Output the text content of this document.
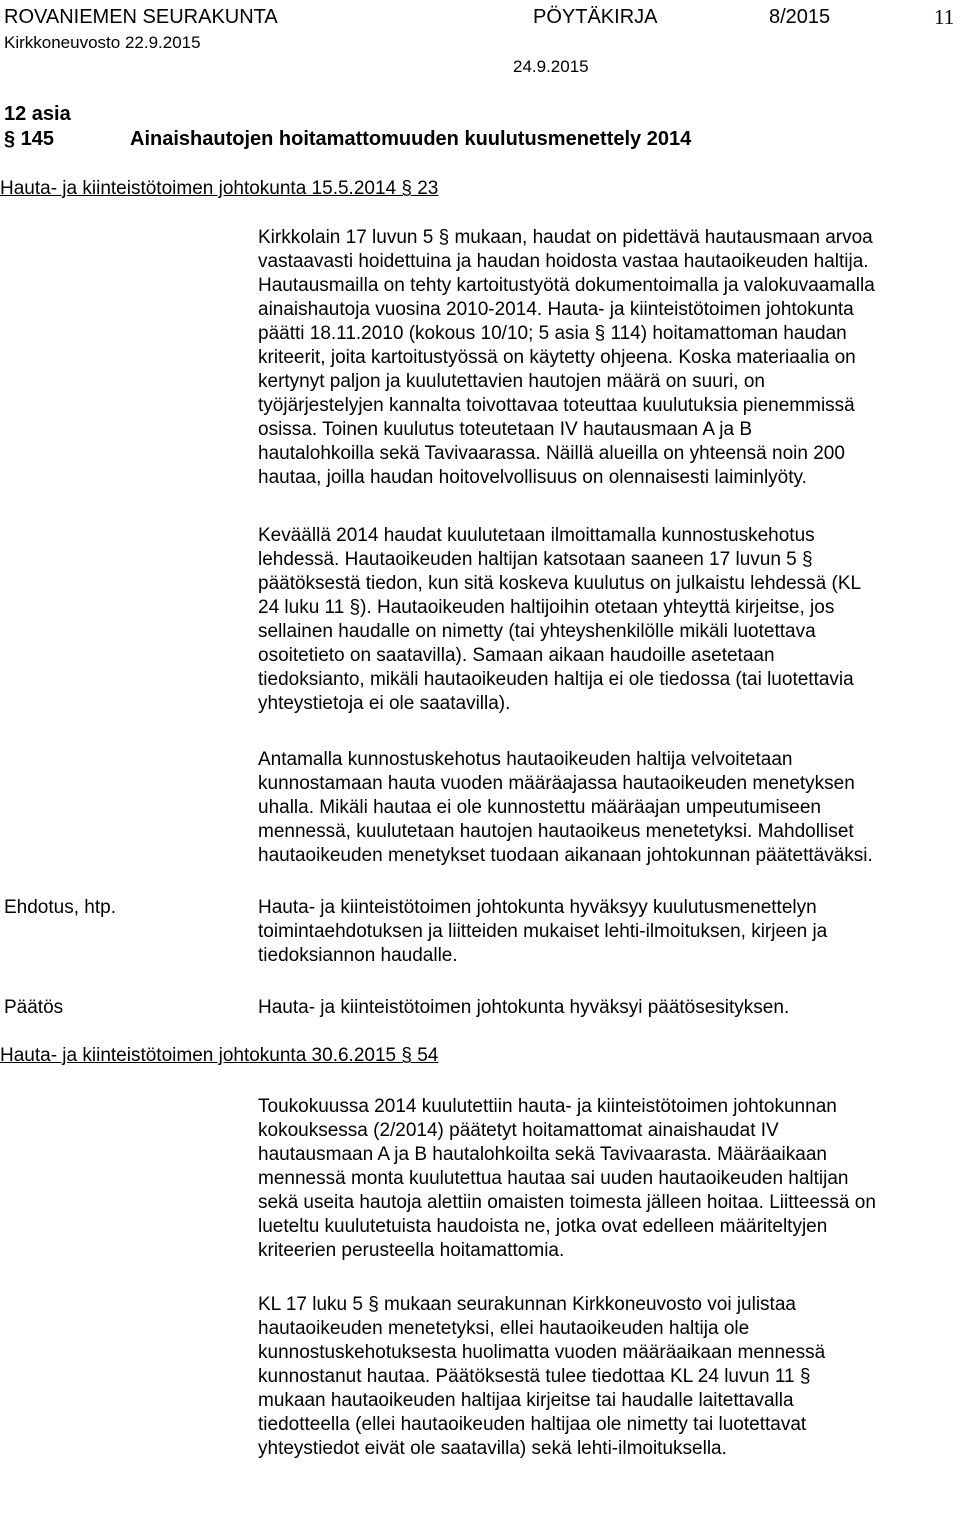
ROVANIEMEN SEURAKUNTA	PÖYTÄKIRJA	8/2015	11
Kirkkoneuvosto 22.9.2015
24.9.2015
12 asia
§ 145	Ainaishautojen hoitamattomuuden kuulutusmenettely 2014
Hauta- ja kiinteistötoimen johtokunta 15.5.2014 § 23
Kirkkolain 17 luvun 5 § mukaan, haudat on pidettävä hautausmaan arvoa
vastaavasti hoidettuina ja haudan hoidosta vastaa hautaoikeuden haltija.
Hautausmailla on tehty kartoitustyötä dokumentoimalla ja valokuvaamalla
ainaishautoja vuosina 2010-2014. Hauta- ja kiinteistötoimen johtokunta
päätti 18.11.2010 (kokous 10/10; 5 asia § 114) hoitamattoman haudan
kriteerit, joita kartoitustyössä on käytetty ohjeena. Koska materiaalia on
kertynyt paljon ja kuulutettavien hautojen määrä on suuri, on
työjärjestelyjen kannalta toivottavaa toteuttaa kuulutuksia pienemmissä
osissa. Toinen kuulutus toteutetaan IV hautausmaan A ja B
hautalohkoilla sekä Tavivaarassa. Näillä alueilla on yhteensä noin 200
hautaa, joilla haudan hoitovelvollisuus on olennaisesti laiminlyöty.
Keväällä 2014 haudat kuulutetaan ilmoittamalla kunnostuskehotus
lehdessä. Hautaoikeuden haltijan katsotaan saaneen 17 luvun 5 §
päätöksestä tiedon, kun sitä koskeva kuulutus on julkaistu lehdessä (KL
24 luku 11 §). Hautaoikeuden haltijoihin otetaan yhteyttä kirjeitse, jos
sellainen haudalle on nimetty (tai yhteyshenkilölle mikäli luotettava
osoitetieto on saatavilla). Samaan aikaan haudoille asetetaan
tiedoksianto, mikäli hautaoikeuden haltija ei ole tiedossa (tai luotettavia
yhteystietoja ei ole saatavilla).
Antamalla kunnostuskehotus hautaoikeuden haltija velvoitetaan
kunnostamaan hauta vuoden määräajassa hautaoikeuden menetyksen
uhalla. Mikäli hautaa ei ole kunnostettu määräajan umpeutumiseen
mennessä, kuulutetaan hautojen hautaoikeus menetetyksi. Mahdolliset
hautaoikeuden menetykset tuodaan aikanaan johtokunnan päätettäväksi.
Ehdotus, htp.	Hauta- ja kiinteistötoimen johtokunta hyväksyy kuulutusmenettelyn
toimintaehdotuksen ja liitteiden mukaiset lehti-ilmoituksen, kirjeen ja
tiedoksiannon haudalle.
Päätös	Hauta- ja kiinteistötoimen johtokunta hyväksyi päätösesityksen.
Hauta- ja kiinteistötoimen johtokunta 30.6.2015 § 54
Toukokuussa 2014 kuulutettiin hauta- ja kiinteistötoimen johtokunnan
kokouksessa (2/2014) päätetyt hoitamattomat ainaishaudat IV
hautausmaan A ja B hautalohkoilta sekä Tavivaarasta. Määräaikaan
mennessä monta kuulutettua hautaa sai uuden hautaoikeuden haltijan
sekä useita hautoja alettiin omaisten toimesta jälleen hoitaa. Liitteessä on
lueteltu kuulutetuista haudoista ne, jotka ovat edelleen määriteltyjen
kriteerien perusteella hoitamattomia.
KL 17 luku 5 § mukaan seurakunnan Kirkkoneuvosto voi julistaa
hautaoikeuden menetetyksi, ellei hautaoikeuden haltija ole
kunnostuskehotuksesta huolimatta vuoden määräaikaan mennessä
kunnostanut hautaa. Päätöksestä tulee tiedottaa KL 24 luvun 11 §
mukaan hautaoikeuden haltijaa kirjeitse tai haudalle laitettavalla
tiedotteella (ellei hautaoikeuden haltijaa ole nimetty tai luotettavat
yhteystiedot eivät ole saatavilla) sekä lehti-ilmoituksella.
